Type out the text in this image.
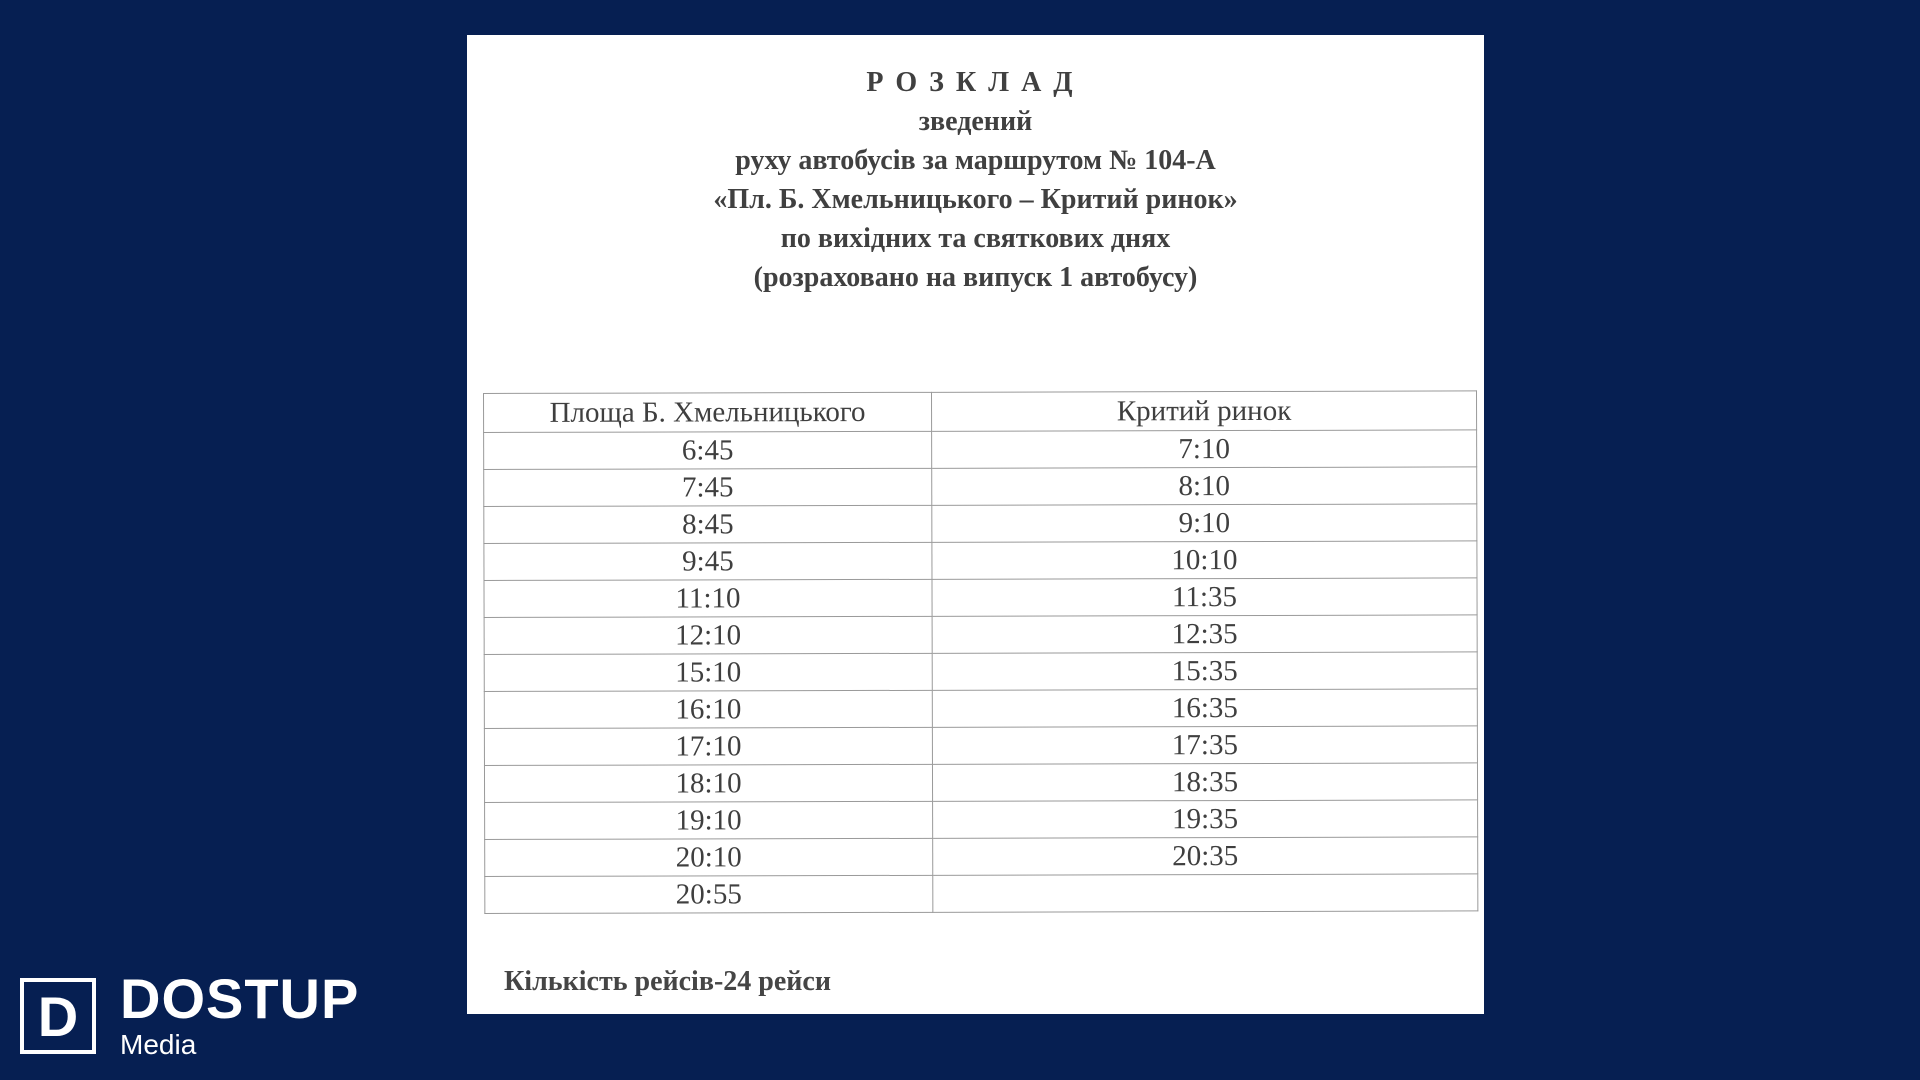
РОЗКЛАД
зведений
руху автобусів за маршрутом № 104-А
«Пл. Б. Хмельницького – Критий ринок»
по вихідних та святкових днях
(розраховано на випуск 1 автобусу)
Площа Б. Хмельницького	Критий ринок
6:45	7:10
7:45	8:10
8:45	9:10
9:45	10:10
11:10	11:35
12:10	12:35
15:10	15:35
16:10	16:35
17:10	17:35
18:10	18:35
19:10	19:35
20:10	20:35
20:55	
Кількість рейсів-24 рейси
D DOSTUP
Media
